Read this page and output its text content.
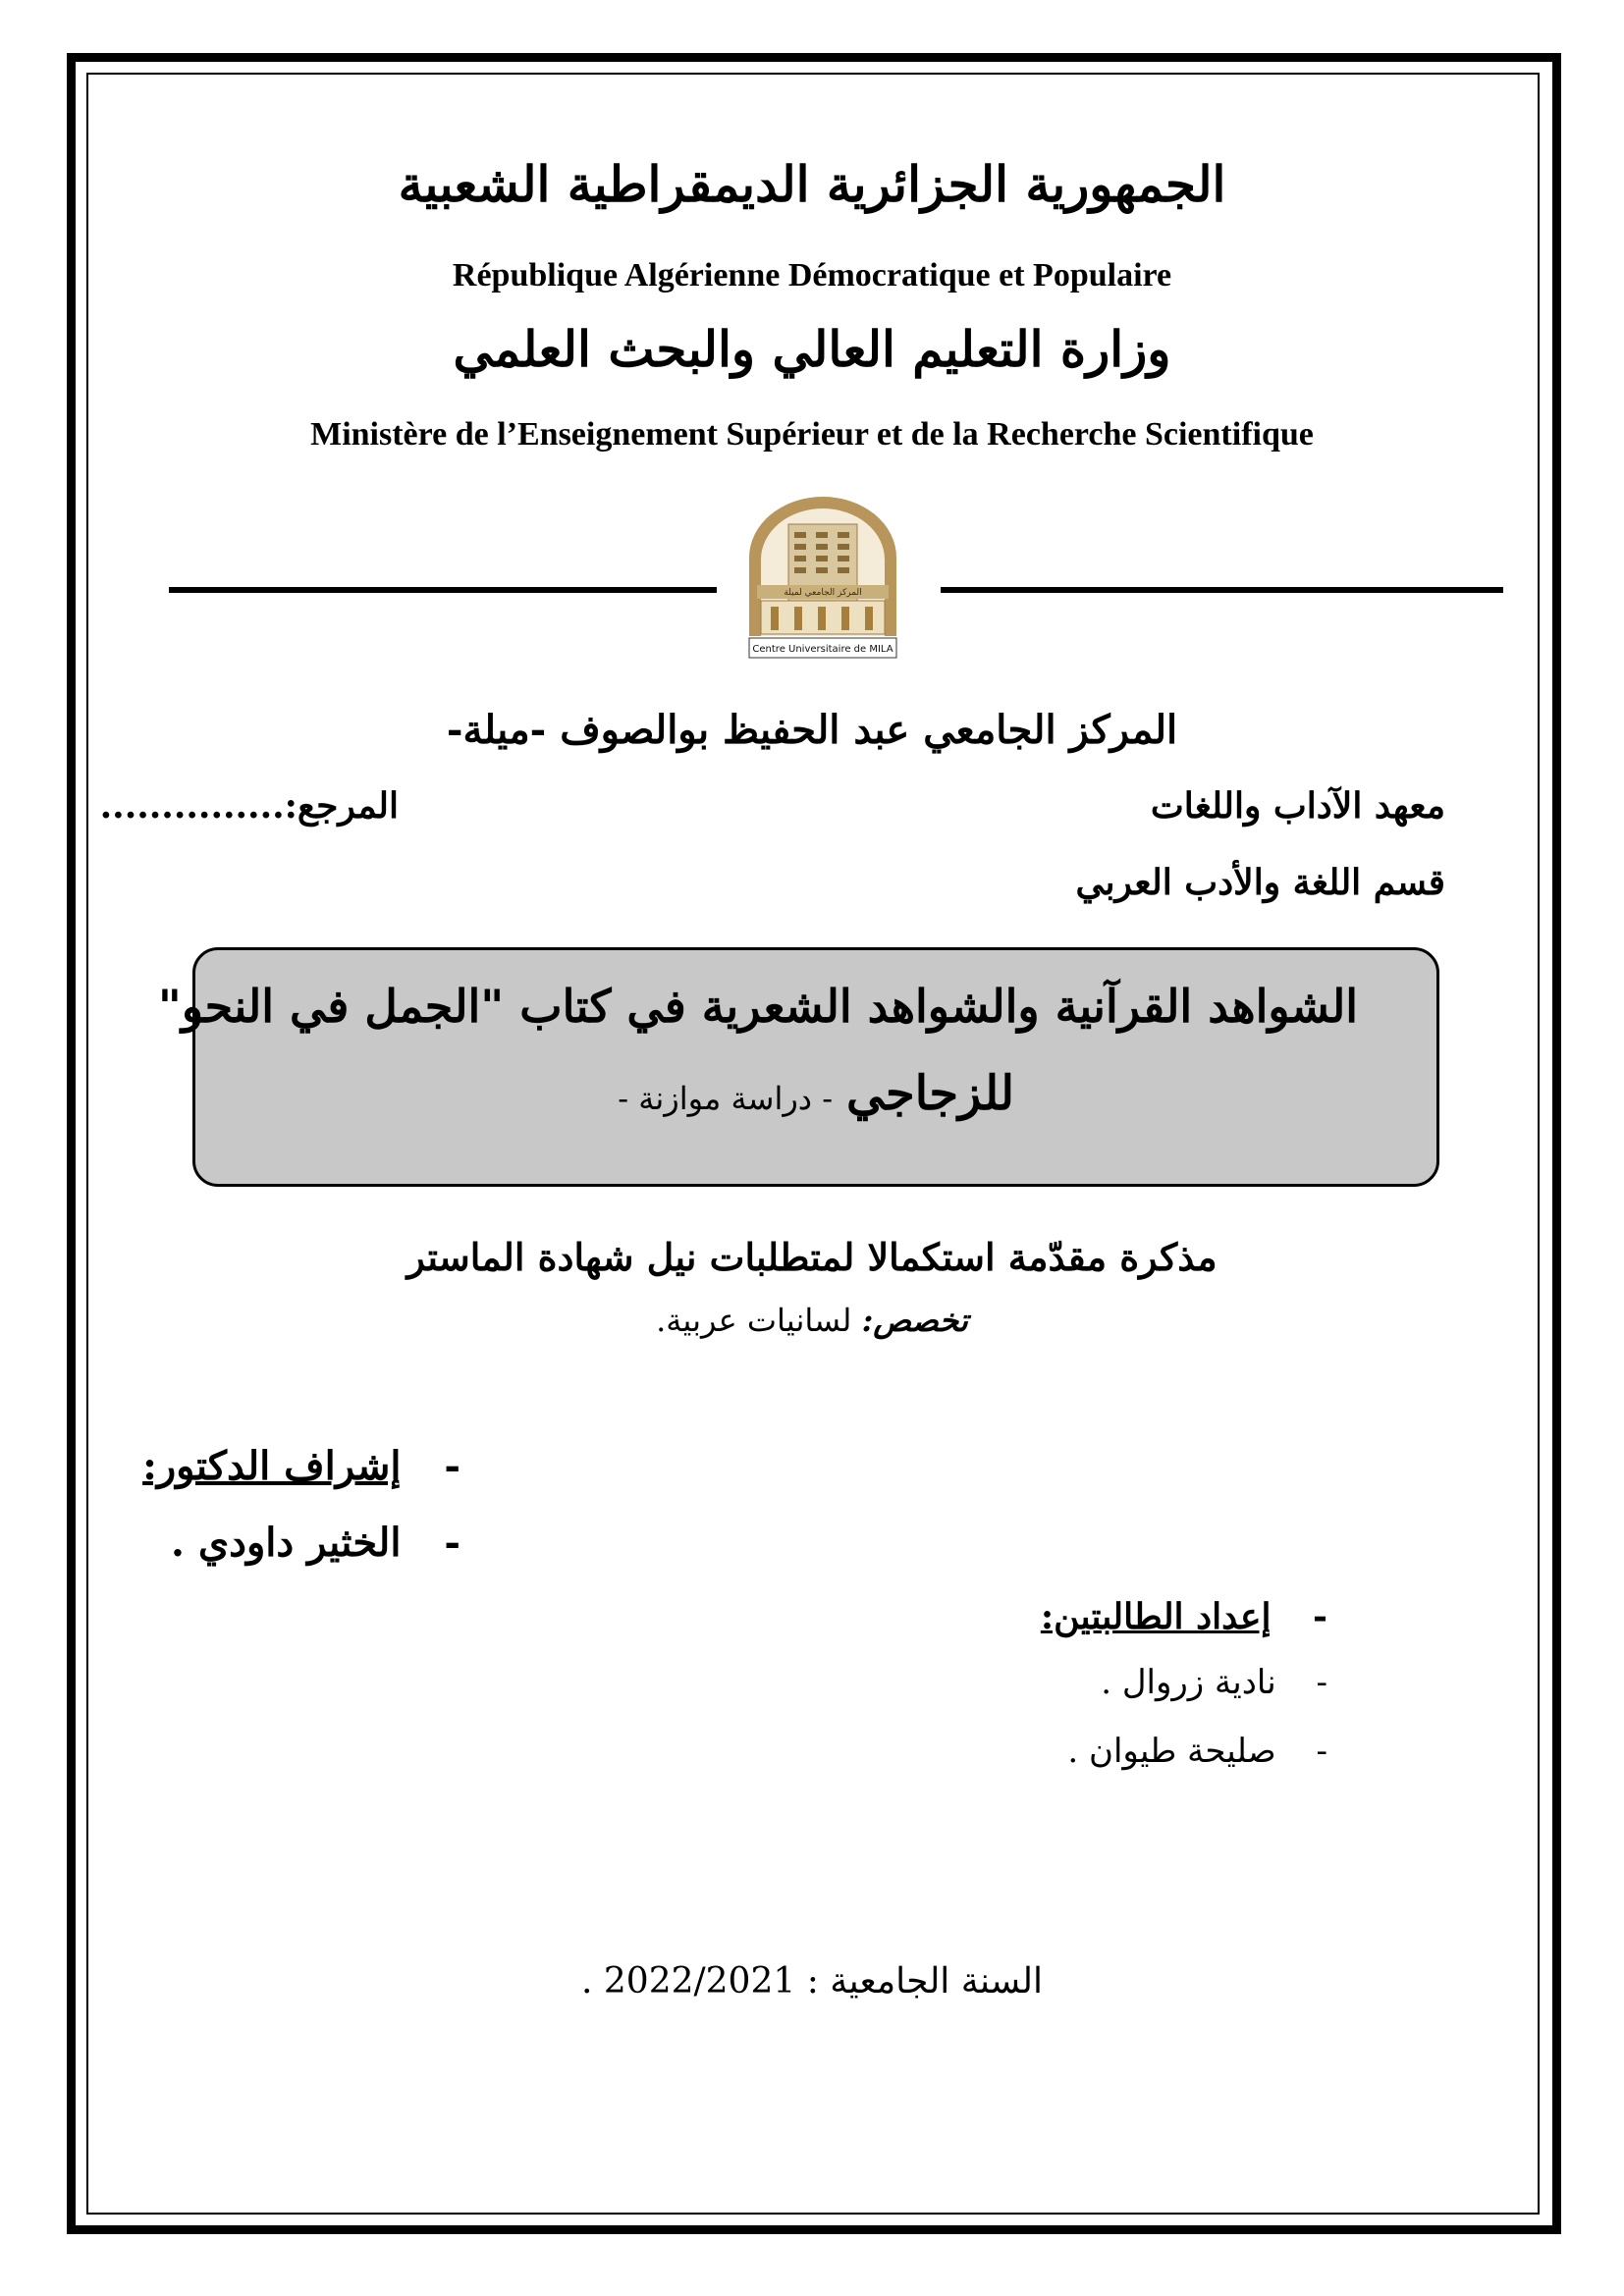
الجمهورية الجزائرية الديمقراطية الشعبية
République Algérienne Démocratique et Populaire
وزارة التعليم العالي والبحث العلمي
Ministère de l’Enseignement Supérieur et de la Recherche Scientifique
المركز الجامعي لميلة
Centre Universitaire de MILA
المركز الجامعي عبد الحفيظ بوالصوف -ميلة-
معهد الآداب واللغات
المرجع:...............
قسم اللغة والأدب العربي
الشواهد القرآنية والشواهد الشعرية في كتاب "الجمل في النحو"
للزجاجي- دراسة موازنة -
مذكرة مقدّمة استكمالا لمتطلبات نيل شهادة الماستر
تخصص: لسانيات عربية.
- إشراف الدكتور:
- الخثير داودي .
- إعداد الطالبتين:
- نادية زروال .
- صليحة طيوان .
السنة الجامعية : 2022/2021 .
